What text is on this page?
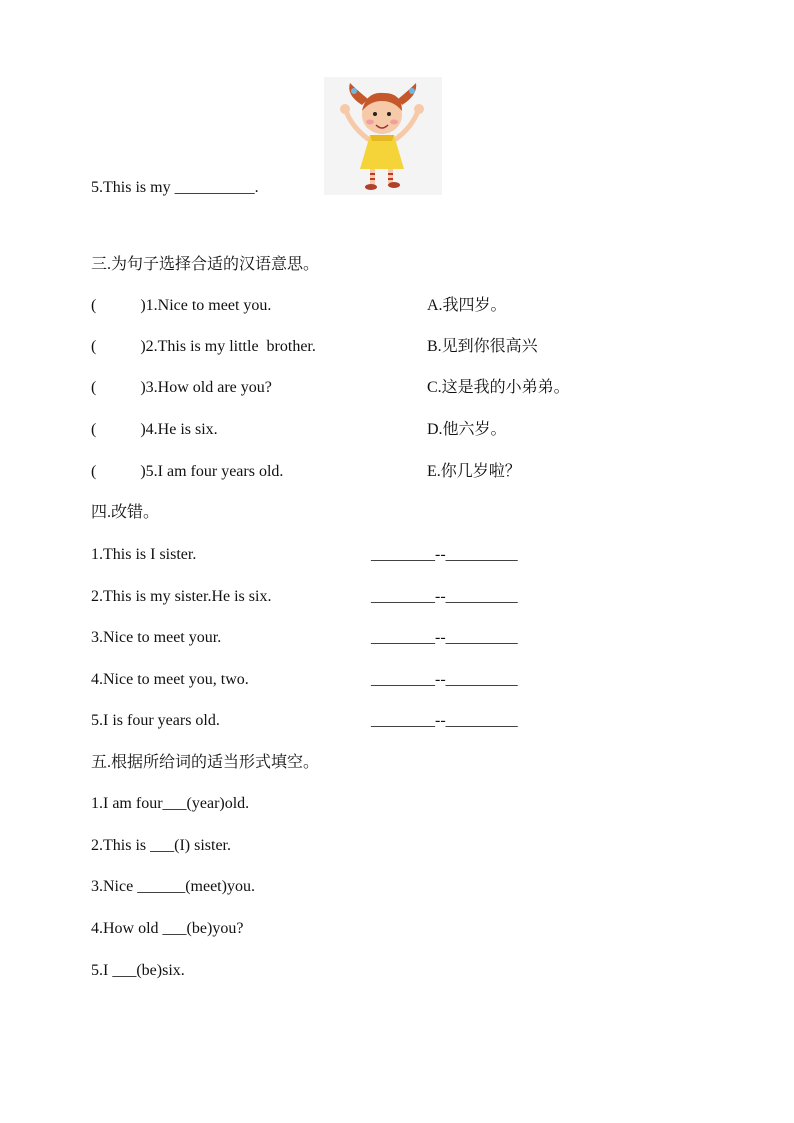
5.This is my __________.
三.为句子选择合适的汉语意思。
(           )1.Nice to meet you.	A.我四岁。
(           )2.This is my little  brother.	B.见到你很高兴
(           )3.How old are you?	C.这是我的小弟弟。
(           )4.He is six.	D.他六岁。
(           )5.I am four years old.	E.你几岁啦？
四.改错。
1.This is I sister.	________--_________
2.This is my sister.He is six.	________--_________
3.Nice to meet your.	________--_________
4.Nice to meet you, two.	________--_________
5.I is four years old.	________--_________
五.根据所给词的适当形式填空。
1.I am four___(year)old.
2.This is ___(I) sister.
3.Nice ______(meet)you.
4.How old ___(be)you?
5.I ___(be)six.
